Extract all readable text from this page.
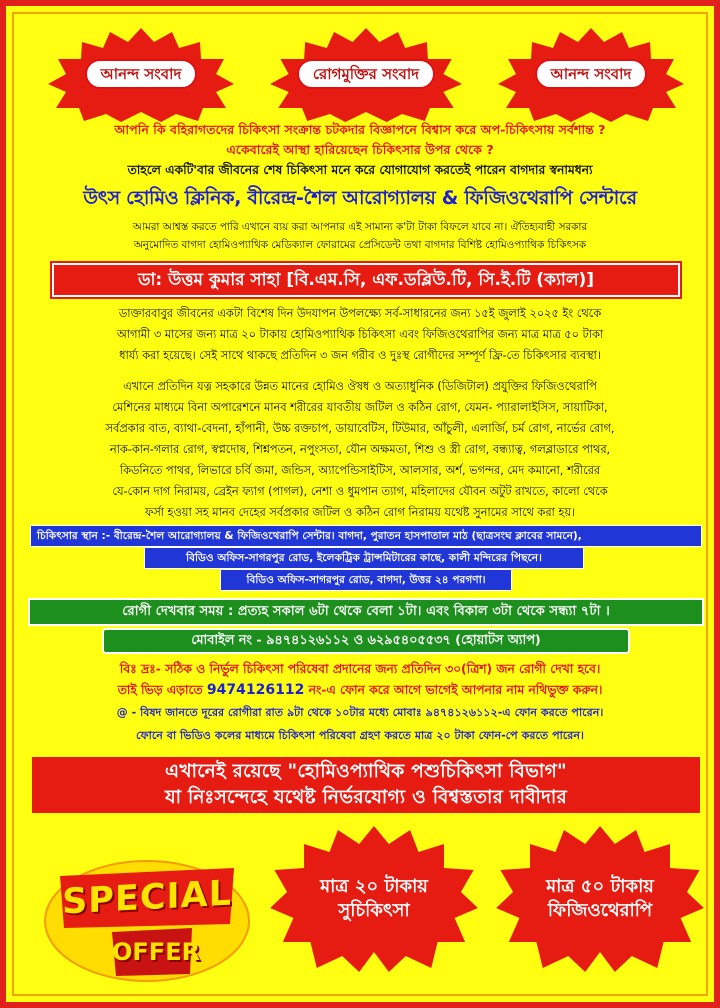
আনন্দ সংবাদ	রোগমুক্তির সংবাদ	আনন্দ সংবাদ
আপনি কি বহিরাগতদের চিকিৎসা সংক্রান্ত চটকদার বিজ্ঞাপনে বিশ্বাস করে অপ-চিকিৎসায় সর্বশান্ত ?
একেবারেই আস্থা হারিয়েছেন চিকিৎসার উপর থেকে ?
তাহলে একটি'বার জীবনের শেষ চিকিৎসা মনে করে যোগাযোগ করতেই পারেন বাগদার স্বনামধন্য
উৎস হোমিও ক্লিনিক, বীরেন্দ্র-শৈল আরোগ্যালয় & ফিজিওথেরাপি সেন্টারে
আমরা আশ্বস্ত করতে পারি এখানে ব্যয় করা আপনার এই সামান্য ক'টা টাকা বিফলে যাবে না। ঐতিহ্যবাহী সরকার
অনুমোদিত বাগদা হোমিওপ্যাথিক মেডিক্যাল ফোরামের প্রেসিডেন্ট তথা বাগদার বিশিষ্ট হোমিওপ্যাথিক চিকিৎসক
ডা: উত্তম কুমার সাহা [বি.এম.সি, এফ.ডব্লিউ.টি, সি.ই.টি (ক্যাল)]
ডাক্তারবাবুর জীবনের একটা বিশেষ দিন উদযাপন উপলক্ষ্যে সর্ব-সাধারনের জন্য ১৫ই জুলাই ২০২৫ ইং থেকে
আগামী ৩ মাসের জন্য মাত্র ২০ টাকায় হোমিওপ্যাথিক চিকিৎসা এবং ফিজিওথেরাপির জন্য মাত্র মাত্র ৫০ টাকা
ধার্য্য করা হয়েছে। সেই সাথে থাকছে প্রতিদিন ৩ জন গরীব ও দুঃস্থ রোগীদের সম্পূর্ণ ফ্রি-তে চিকিৎসার ব্যবস্থা।
এখানে প্রতিদিন যত্ন সহকারে উন্নত মানের হোমিও ঔষধ ও অত্যাধুনিক (ডিজিটাল) প্রযুক্তির ফিজিওথেরাপি
মেশিনের মাধ্যমে বিনা অপারেশনে মানব শরীরের যাবতীয় জটিল ও কঠিন রোগ, যেমন- প্যারালাইসিস, সায়াটিকা,
সর্বপ্রকার বাত, ব্যাথা-বেদনা, হাঁপানী, উচ্চ রক্তচাপ, ডায়াবেটিস, টিউমার, আঁচুলী, এলার্জি, চর্ম রোগ, নার্ভের রোগ,
নাক-কান-গলার রোগ, স্বপ্নদোষ, শিশ্নপতন, নপুংসতা, যৌন অক্ষমতা, শিশু ও স্ত্রী রোগ, বন্ধ্যাত্ব, গলব্লাডারে পাথর,
কিডনিতে পাথর, লিভারে চর্বি জমা, জন্ডিস, অ্যাপেন্ডিসাইটিস, আলসার, অর্শ, ভগন্দর, মেদ কমানো, শরীরের
যে-কোন দাগ নিরাময়, ব্রেইন ফ্যাগ (পাগল), নেশা ও ধুমপান ত্যাগ, মহিলাদের যৌবন অটুট রাখতে, কালো থেকে
ফর্সা হওয়া সহ মানব দেহের সর্বপ্রকার জটিল ও কঠিন রোগ নিরাময় যথেষ্ট সুনামের সাথে করা হয়।
চিকিৎসার স্থান :- বীরেন্দ্র-শৈল আরোগ্যালয় & ফিজিওথেরাপি সেন্টার। বাগদা, পুরাতন হাসপাতাল মাঠ (ছাত্রসংঘ ক্লাবের সামনে),
বিডিও অফিস-সাগরপুর রোড, ইলেকট্রিক ট্রান্সমিটারের কাছে, কালী মন্দিরের পিছনে।
বিডিও অফিস-সাগরপুর রোড, বাগদা, উত্তর ২৪ পরগণা।
রোগী দেখবার সময় : প্রত্যহ সকাল ৬টা থেকে বেলা ১টা। এবং বিকাল ৩টা থেকে সন্ধ্যা ৭টা ।
মোবাইল নং - ৯৪৭৪১২৬১১২ ও ৬২৯৫৪০৫৫৩৭ (হোয়াটস অ্যাপ)
বিঃ দ্রঃ- সঠিক ও নির্ভুল চিকিৎসা পরিষেবা প্রদানের জন্য প্রতিদিন ৩০(ত্রিশ) জন রোগী দেখা হবে।
তাই ভিড় এড়াতে 9474126112 নং-এ ফোন করে আগে ভাগেই আপনার নাম নথিভুক্ত করুন।
@ - বিষদ জানতে দূরের রোগীরা রাত ৯টা থেকে ১০টার মধ্যে মোবাঃ ৯৪৭৪১২৬১১২-এ ফোন করতে পারেন।
ফোনে বা ভিডিও কলের মাধ্যমে চিকিৎসা পরিষেবা গ্রহণ করতে মাত্র ২০ টাকা ফোন-পে করতে পারেন।
এখানেই রয়েছে "হোমিওপ্যাথিক পশুচিকিৎসা বিভাগ"
যা নিঃসন্দেহে যথেষ্ট নির্ভরযোগ্য ও বিশ্বস্ততার দাবীদার
SPECIAL
OFFER
মাত্র ২০ টাকায়
সুচিকিৎসা
মাত্র ৫০ টাকায়
ফিজিওথেরাপি
